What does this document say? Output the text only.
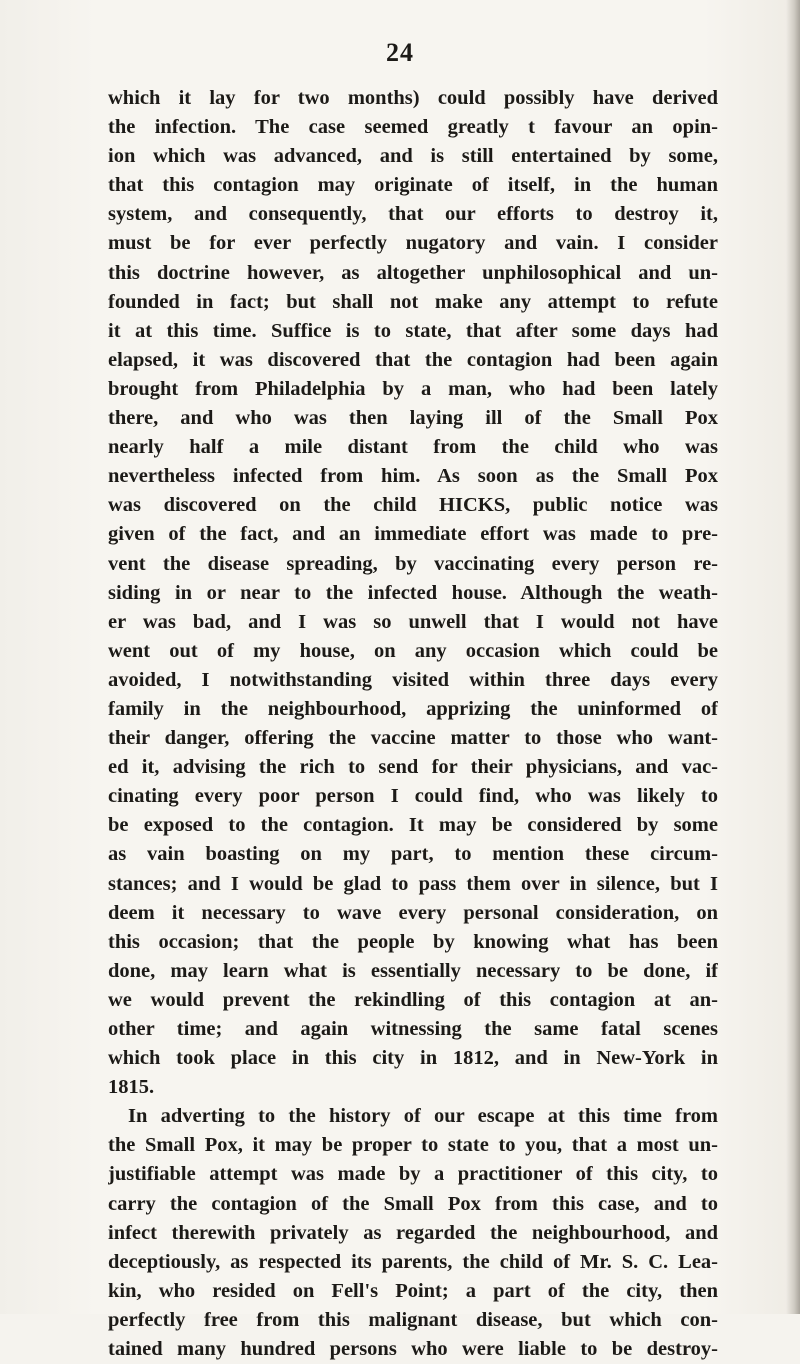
24
which it lay for two months) could possibly have derived
the infection. The case seemed greatly t favour an opin-
ion which was advanced, and is still entertained by some,
that this contagion may originate of itself, in the human
system, and consequently, that our efforts to destroy it,
must be for ever perfectly nugatory and vain. I consider
this doctrine however, as altogether unphilosophical and un-
founded in fact; but shall not make any attempt to refute
it at this time. Suffice is to state, that after some days had
elapsed, it was discovered that the contagion had been again
brought from Philadelphia by a man, who had been lately
there, and who was then laying ill of the Small Pox
nearly half a mile distant from the child who was
nevertheless infected from him. As soon as the Small Pox
was discovered on the child HICKS, public notice was
given of the fact, and an immediate effort was made to pre-
vent the disease spreading, by vaccinating every person re-
siding in or near to the infected house. Although the weath-
er was bad, and I was so unwell that I would not have
went out of my house, on any occasion which could be
avoided, I notwithstanding visited within three days every
family in the neighbourhood, apprizing the uninformed of
their danger, offering the vaccine matter to those who want-
ed it, advising the rich to send for their physicians, and vac-
cinating every poor person I could find, who was likely to
be exposed to the contagion. It may be considered by some
as vain boasting on my part, to mention these circum-
stances; and I would be glad to pass them over in silence, but I
deem it necessary to wave every personal consideration, on
this occasion; that the people by knowing what has been
done, may learn what is essentially necessary to be done, if
we would prevent the rekindling of this contagion at an-
other time; and again witnessing the same fatal scenes
which took place in this city in 1812, and in New-York in
1815.
In adverting to the history of our escape at this time from
the Small Pox, it may be proper to state to you, that a most un-
justifiable attempt was made by a practitioner of this city, to
carry the contagion of the Small Pox from this case, and to
infect therewith privately as regarded the neighbourhood, and
deceptiously, as respected its parents, the child of Mr. S. C. Lea-
kin, who resided on Fell's Point; a part of the city, then
perfectly free from this malignant disease, but which con-
tained many hundred persons who were liable to be destroy-
